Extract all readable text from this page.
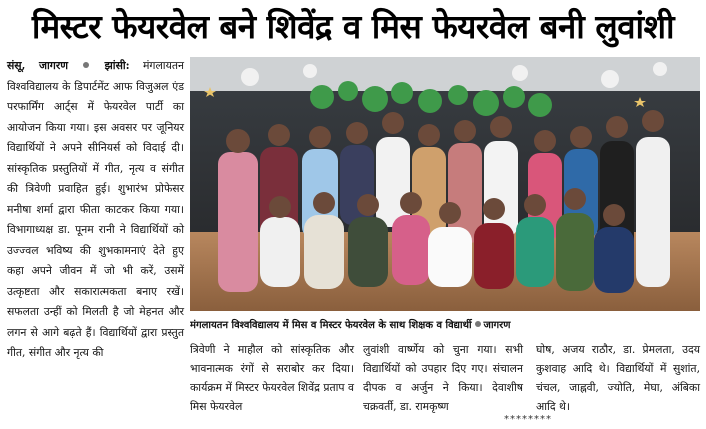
मिस्टर फेयरवेल बने शिवेंद्र व मिस फेयरवेल बनी लुवांशी
संसू, जागरण	झांसी: मंगलायतन विश्वविद्यालय के डिपार्टमेंट आफ विजुअल एंड परफार्मिंग आर्ट्स में फेयरवेल पार्टी का आयोजन किया गया। इस अवसर पर जूनियर विद्यार्थियों ने अपने सीनियर्स को विदाई दी। सांस्कृतिक प्रस्तुतियों में गीत, नृत्य व संगीत की त्रिवेणी प्रवाहित हुई। शुभारंभ प्रोफेसर मनीषा शर्मा द्वारा फीता काटकर किया गया। विभागाध्यक्ष डा. पूनम रानी ने विद्यार्थियों को उज्ज्वल भविष्य की शुभकामनाएं देते हुए कहा अपने जीवन में जो भी करें, उसमें उत्कृष्टता और सकारात्मकता बनाए रखें। सफलता उन्हीं को मिलती है जो मेहनत और लगन से आगे बढ़ते हैं। विद्यार्थियों द्वारा प्रस्तुत गीत, संगीत और नृत्य की
मंगलायतन विश्वविद्यालय में मिस व मिस्टर फेयरवेल के साथ शिक्षक व विद्यार्थी जागरण
त्रिवेणी ने माहौल को सांस्कृतिक और भावनात्मक रंगों से सराबोर कर दिया। कार्यक्रम में मिस्टर फेयरवेल शिवेंद्र प्रताप व मिस फेयरवेल
लुवांशी वार्ष्णेय को चुना गया। सभी विद्यार्थियों को उपहार दिए गए। संचालन दीपक व अर्जुन ने किया। देवाशीष चक्रवर्ती, डा. रामकृष्ण
घोष, अजय राठौर, डा. प्रेमलता, उदय कुशवाह आदि थे। विद्यार्थियों में सुशांत, चंचल, जाह्नवी, ज्योति, मेघा, अंबिका आदि थे।
********
